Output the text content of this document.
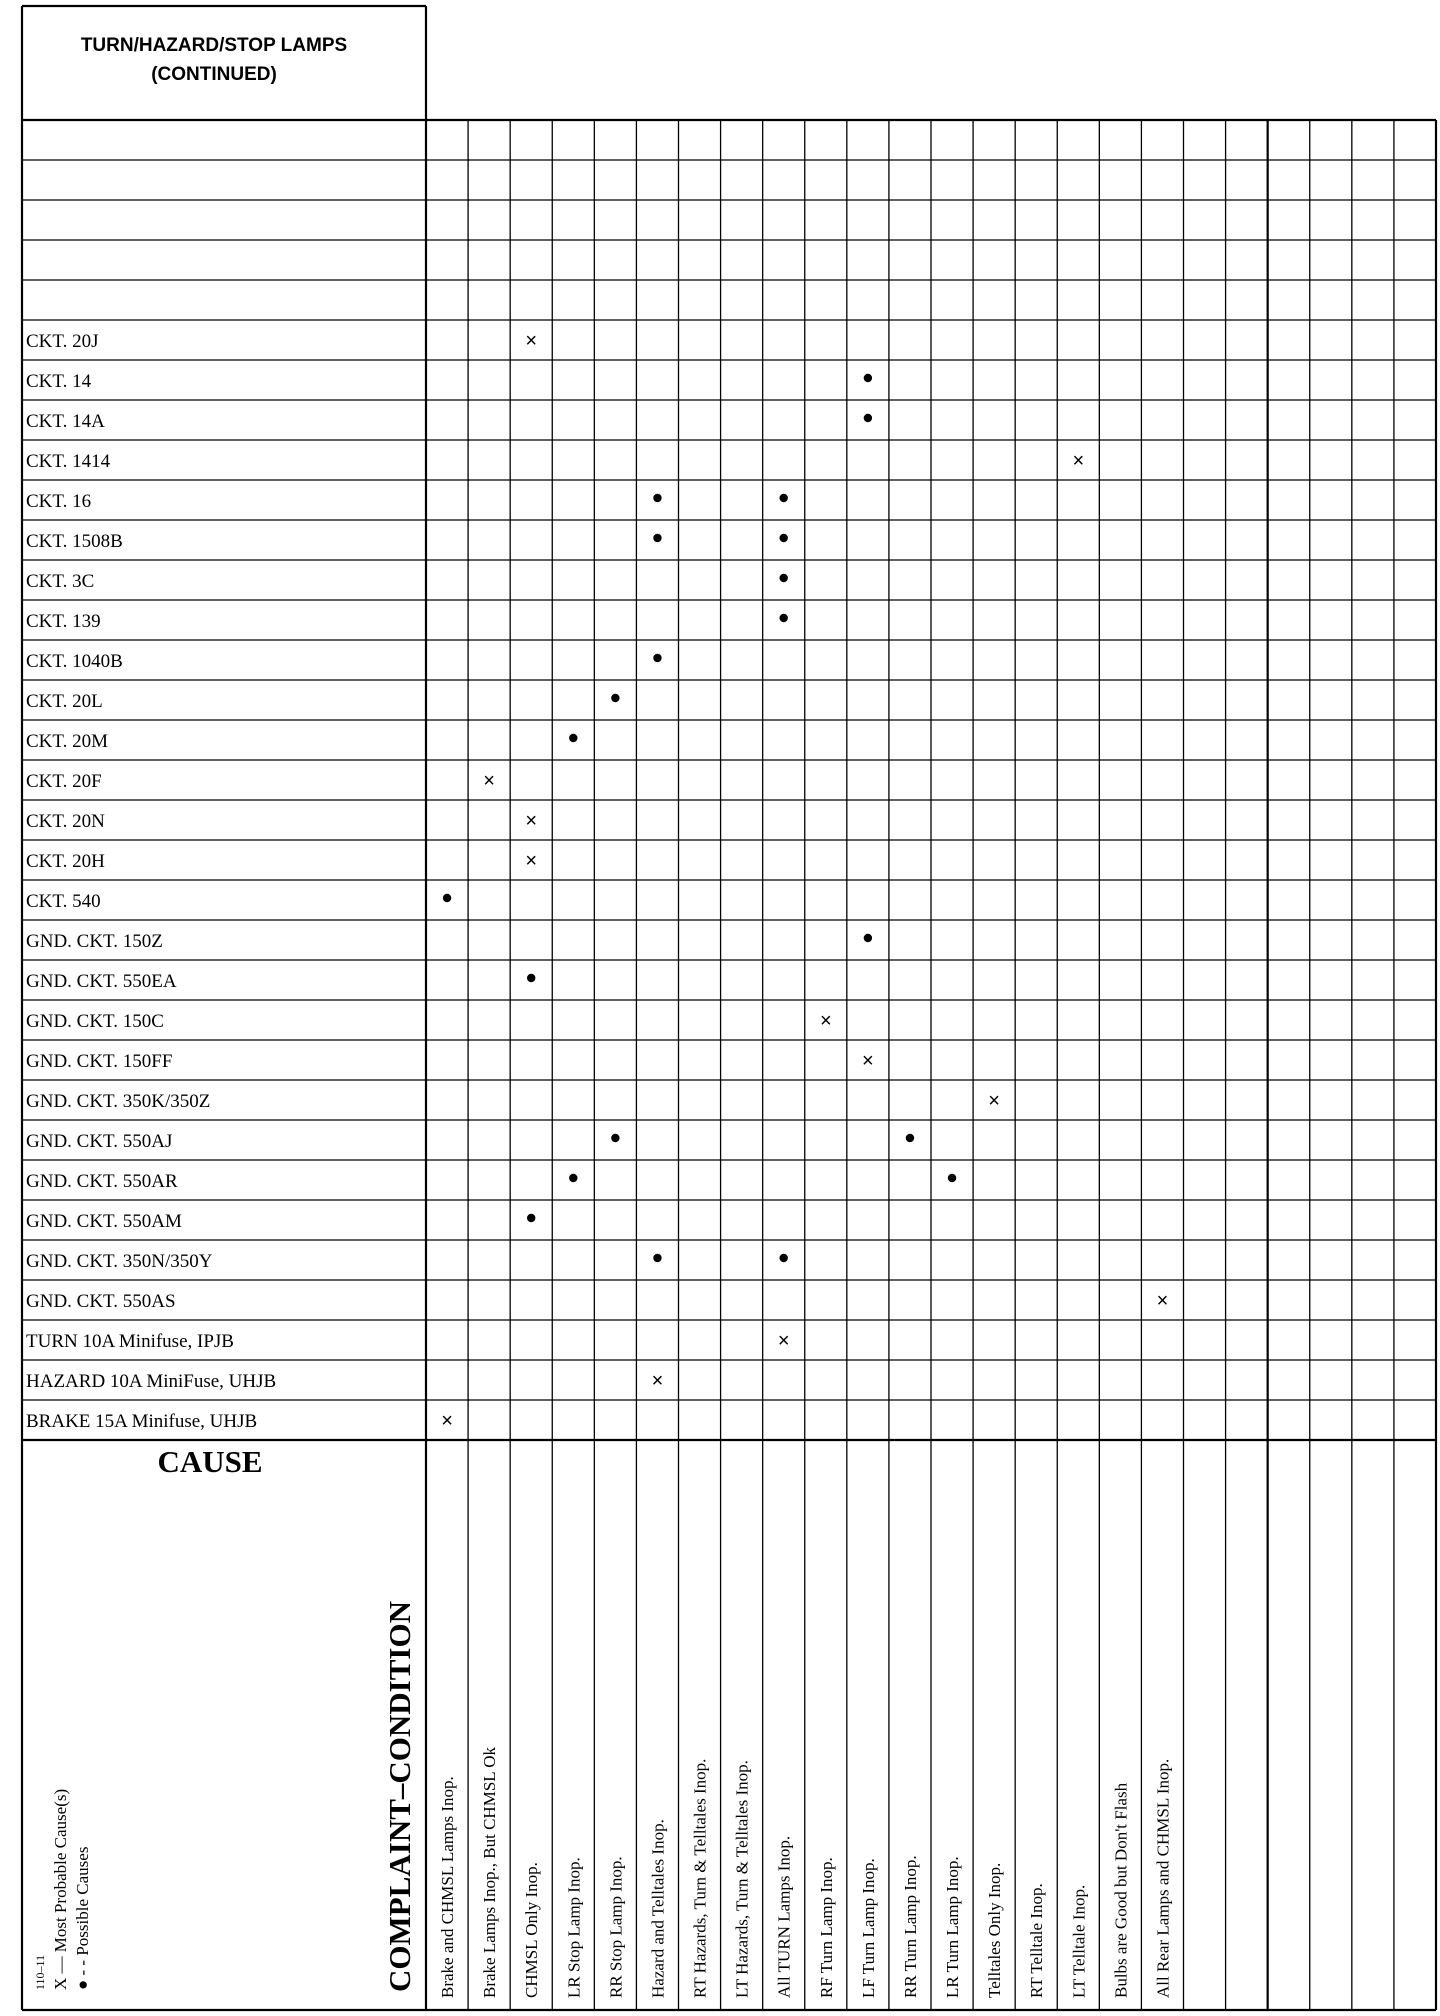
TURN/HAZARD/STOP LAMPS
(CONTINUED)
CKT. 20J
CKT. 14
CKT. 14A
CKT. 1414
CKT. 16
CKT. 1508B
CKT. 3C
CKT. 139
CKT. 1040B
CKT. 20L
CKT. 20M
CKT. 20F
CKT. 20N
CKT. 20H
CKT. 540
GND. CKT. 150Z
GND. CKT. 550EA
GND. CKT. 150C
GND. CKT. 150FF
GND. CKT. 350K/350Z
GND. CKT. 550AJ
GND. CKT. 550AR
GND. CKT. 550AM
GND. CKT. 350N/350Y
GND. CKT. 550AS
TURN 10A Minifuse, IPJB
HAZARD 10A MiniFuse, UHJB
BRAKE 15A Minifuse, UHJB
Brake and CHMSL Lamps Inop. Brake Lamps Inop., But CHMSL Ok CHMSL Only Inop. LR Stop Lamp Inop. RR Stop Lamp Inop. Hazard and Telltales Inop. RT Hazards, Turn & Telltales Inop. LT Hazards, Turn & Telltales Inop. All TURN Lamps Inop. RF Turn Lamp Inop. LF Turn Lamp Inop. RR Turn Lamp Inop. LR Turn Lamp Inop. Telltales Only Inop. RT Telltale Inop. LT Telltale Inop. Bulbs are Good but Don't Flash All Rear Lamps and CHMSL Inop.
×
×
×
×
×
×
×
×
×
×
×
×
CAUSE
COMPLAINT–CONDITION
110–11 X — Most Probable Cause(s) ● - - Possible Causes
